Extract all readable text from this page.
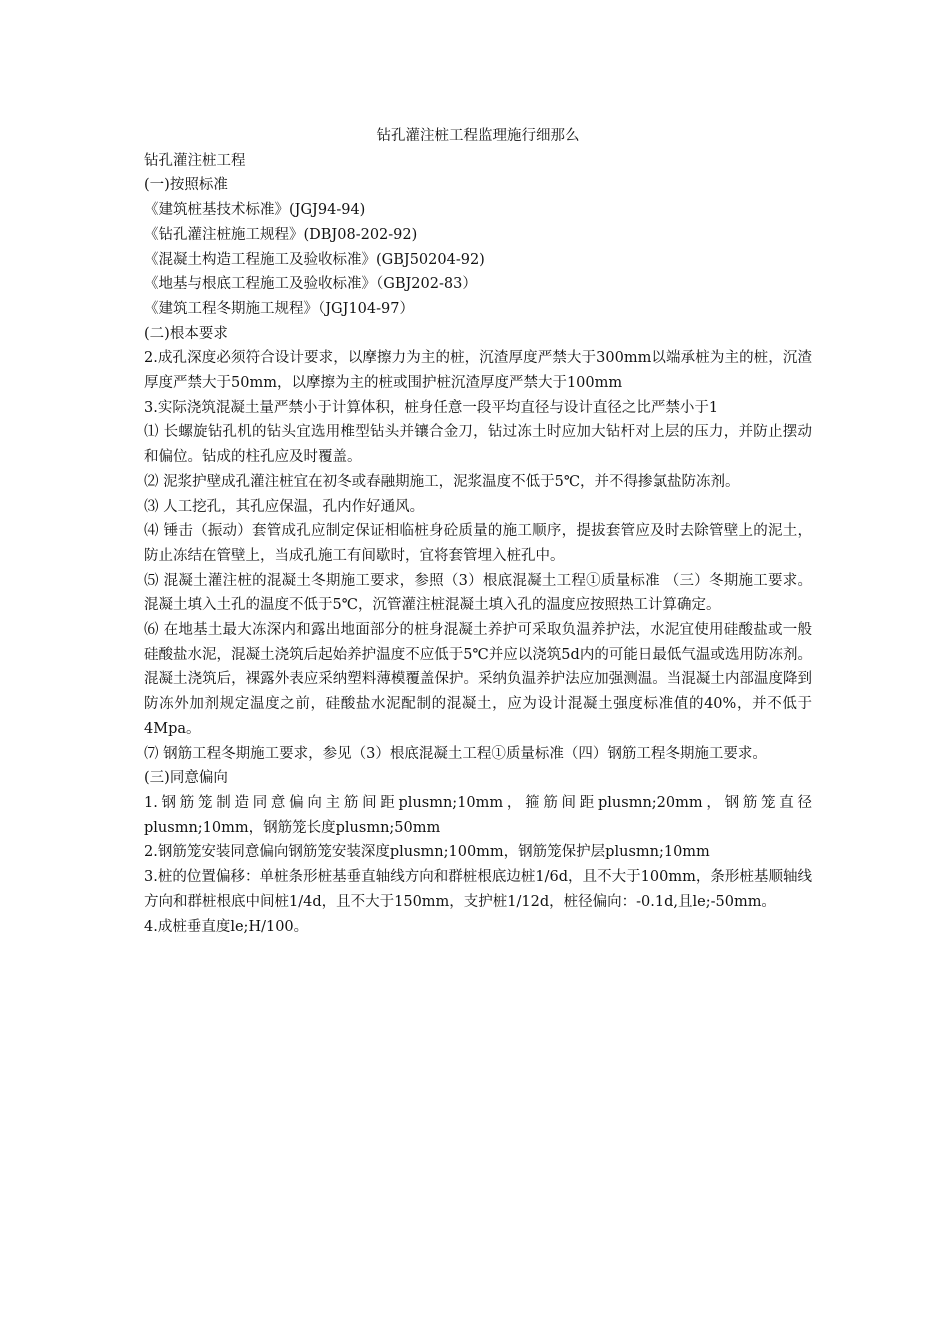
钻孔灌注桩工程监理施行细那么

钻孔灌注桩工程

(一)按照标准

《建筑桩基技术标准》(JGJ94-94)

《钻孔灌注桩施工规程》(DBJ08-202-92)

《混凝土构造工程施工及验收标准》(GBJ50204-92)

《地基与根底工程施工及验收标准》（GBJ202-83）

《建筑工程冬期施工规程》（JGJ104-97）

(二)根本要求

2.成孔深度必须符合设计要求，以摩擦力为主的桩，沉渣厚度严禁大于300mm以端承桩为主的桩，沉渣厚度严禁大于50mm，以摩擦为主的桩或围护桩沉渣厚度严禁大于100mm

3.实际浇筑混凝土量严禁小于计算体积，桩身任意一段平均直径与设计直径之比严禁小于1

⑴ 长螺旋钻孔机的钻头宜选用椎型钻头并镶合金刀，钻过冻土时应加大钻杆对上层的压力，并防止摆动和偏位。钻成的柱孔应及时覆盖。

⑵ 泥浆护壁成孔灌注桩宜在初冬或春融期施工，泥浆温度不低于5℃，并不得掺氯盐防冻剂。

⑶ 人工挖孔，其孔应保温，孔内作好通风。

⑷ 锤击（振动）套管成孔应制定保证相临桩身砼质量的施工顺序，提拔套管应及时去除管壁上的泥土，防止冻结在管壁上，当成孔施工有间歇时，宜将套管埋入桩孔中。

⑸ 混凝土灌注桩的混凝土冬期施工要求，参照（3）根底混凝土工程①质量标准 （三）冬期施工要求。混凝土填入土孔的温度不低于5℃，沉管灌注桩混凝土填入孔的温度应按照热工计算确定。

⑹ 在地基土最大冻深内和露出地面部分的桩身混凝土养护可采取负温养护法，水泥宜使用硅酸盐或一般硅酸盐水泥，混凝土浇筑后起始养护温度不应低于5℃并应以浇筑5d内的可能日最低气温或选用防冻剂。混凝土浇筑后，裸露外表应采纳塑料薄模覆盖保护。采纳负温养护法应加强测温。当混凝土内部温度降到防冻外加剂规定温度之前，硅酸盐水泥配制的混凝土，应为设计混凝土强度标准值的40%，并不低于4Mpa。

⑺ 钢筋工程冬期施工要求，参见（3）根底混凝土工程①质量标准（四）钢筋工程冬期施工要求。

(三)同意偏向

1.钢筋笼制造同意偏向主筋间距plusmn;10mm，箍筋间距plusmn;20mm，钢筋笼直径plusmn;10mm，钢筋笼长度plusmn;50mm

2.钢筋笼安装同意偏向钢筋笼安装深度plusmn;100mm，钢筋笼保护层plusmn;10mm

3.桩的位置偏移：单桩条形桩基垂直轴线方向和群桩根底边桩1/6d，且不大于100mm，条形桩基顺轴线方向和群桩根底中间桩1/4d，且不大于150mm，支护桩1/12d，桩径偏向：-0.1d,且le;-50mm。

4.成桩垂直度le;H/100。
